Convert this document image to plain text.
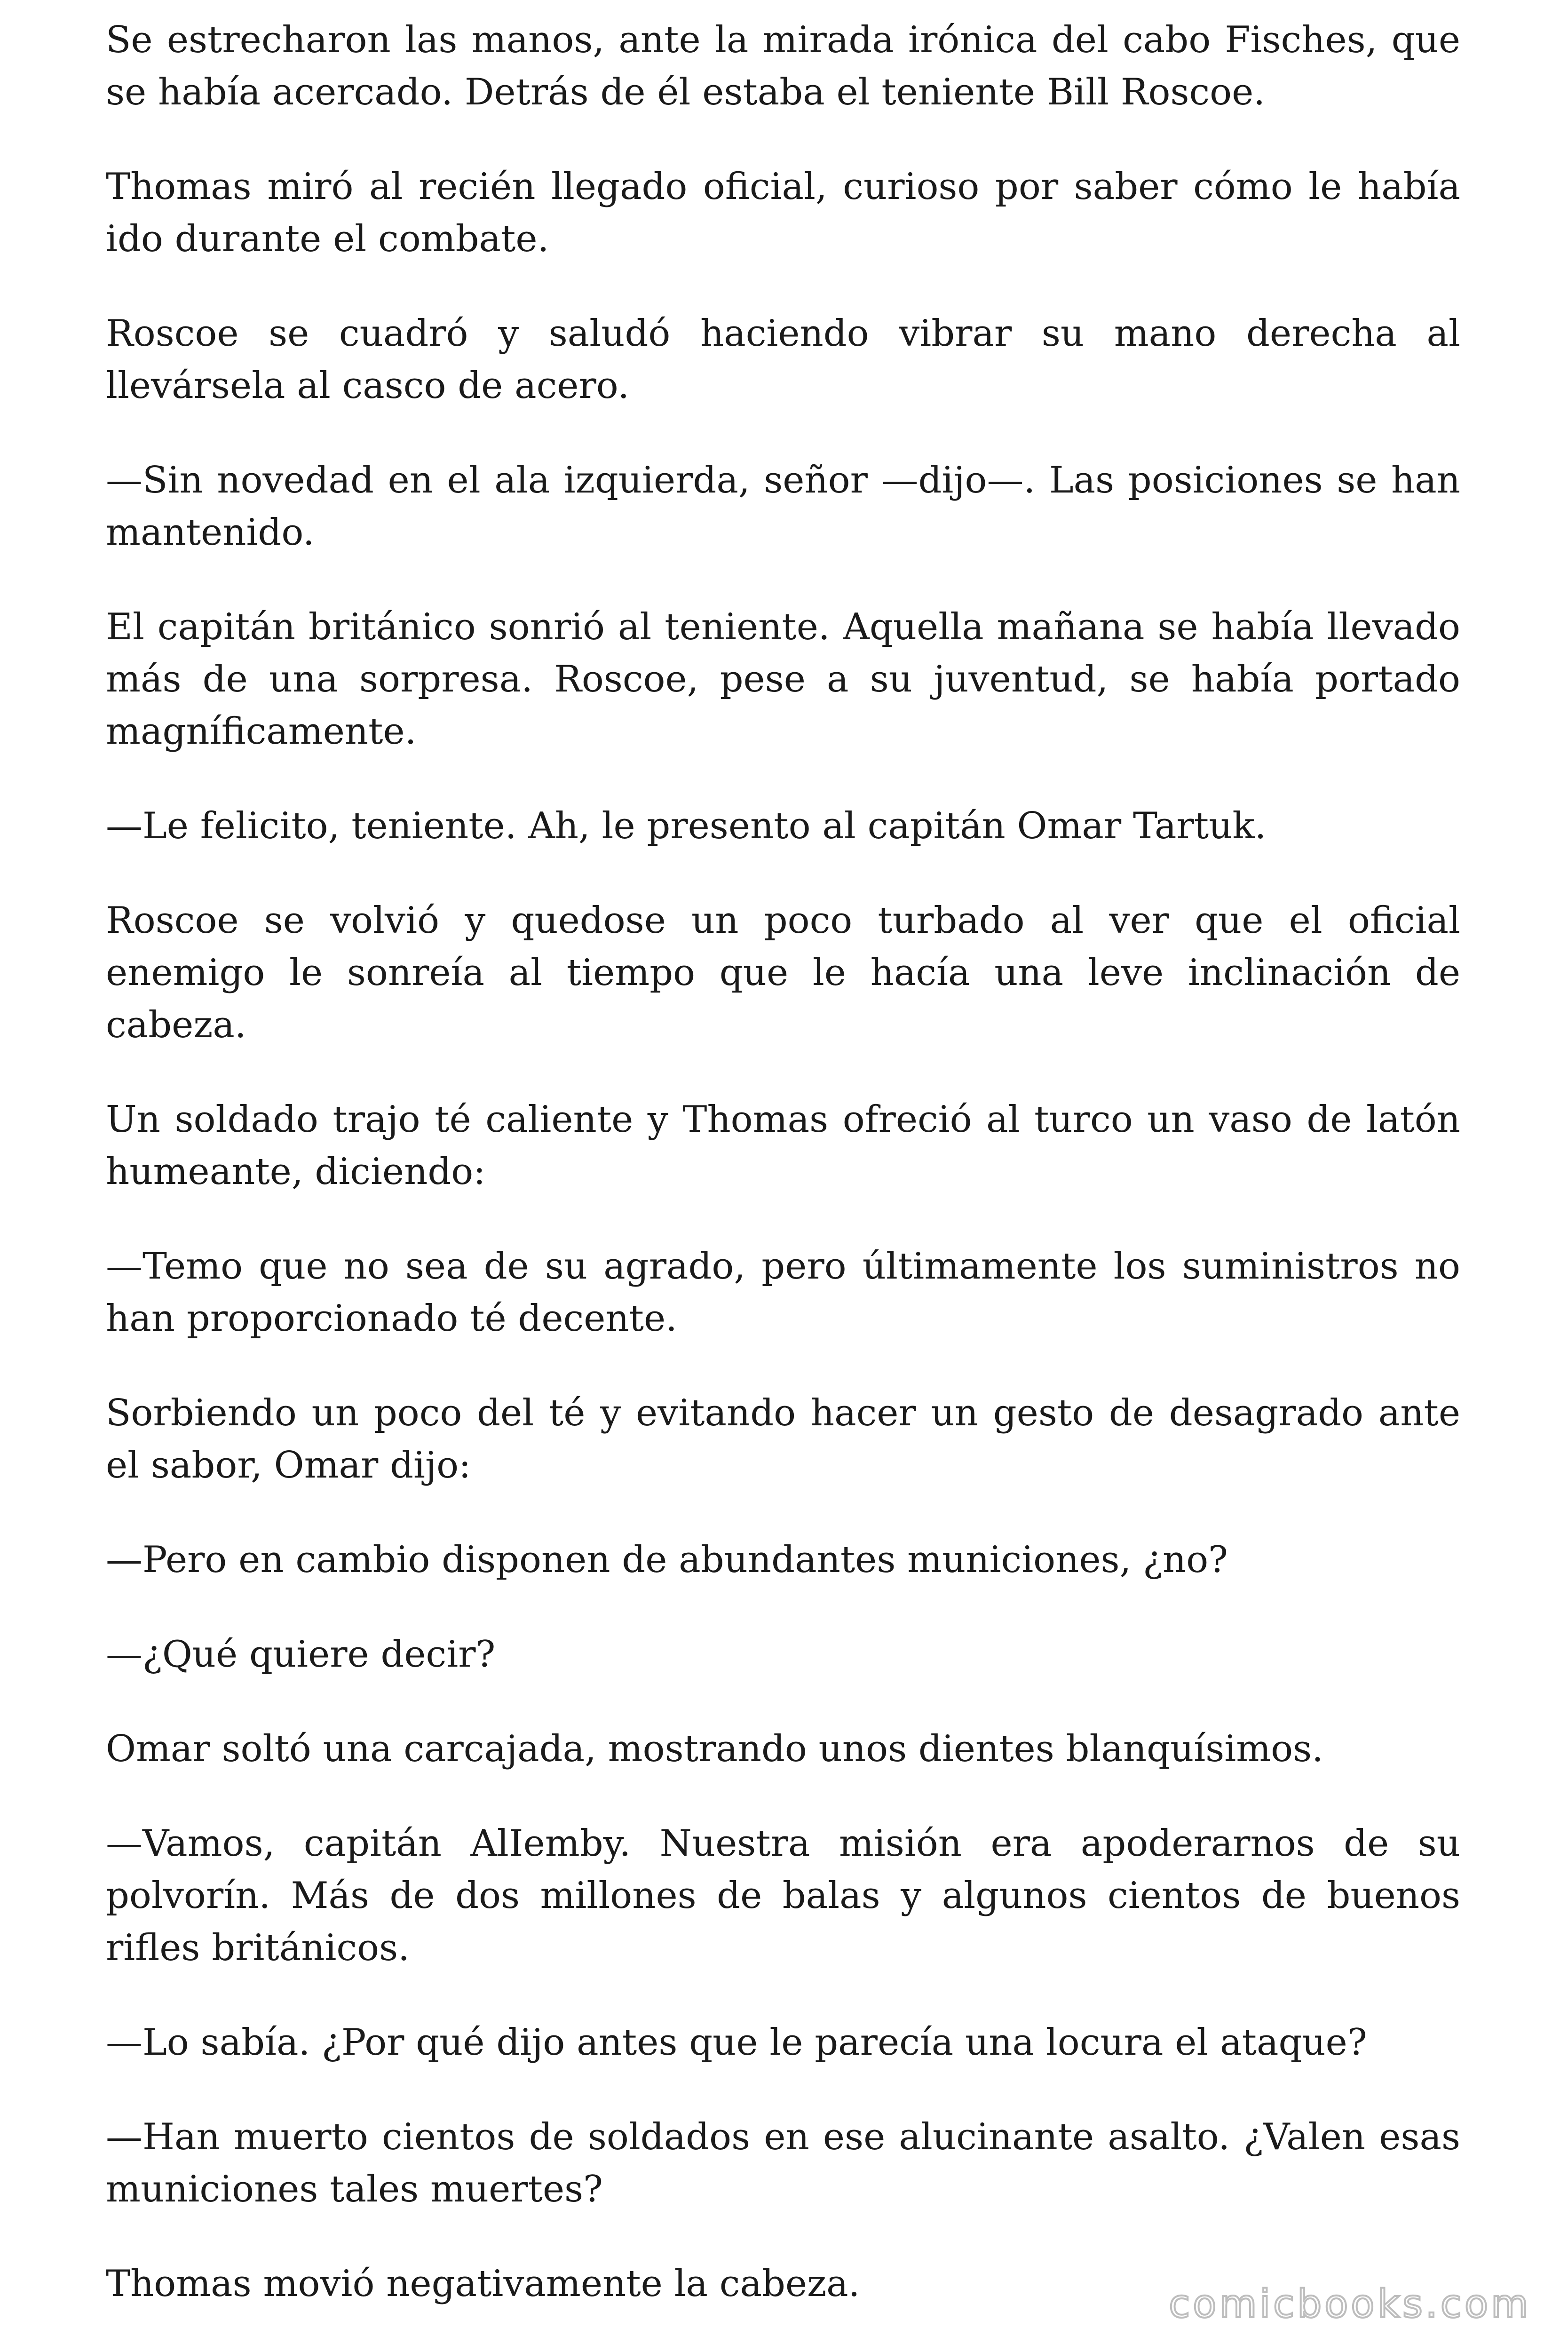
Se estrecharon las manos, ante la mirada irónica del cabo Fisches, que se había acercado. Detrás de él estaba el teniente Bill Roscoe.

Thomas miró al recién llegado oficial, curioso por saber cómo le había ido durante el combate.

Roscoe se cuadró y saludó haciendo vibrar su mano derecha al llevársela al casco de acero.

—Sin novedad en el ala izquierda, señor —dijo—. Las posiciones se han mantenido.

El capitán británico sonrió al teniente. Aquella mañana se había llevado más de una sorpresa. Roscoe, pese a su juventud, se había portado magníficamente.

—Le felicito, teniente. Ah, le presento al capitán Omar Tartuk.

Roscoe se volvió y quedose un poco turbado al ver que el oficial enemigo le sonreía al tiempo que le hacía una leve inclinación de cabeza.

Un soldado trajo té caliente y Thomas ofreció al turco un vaso de latón humeante, diciendo:

—Temo que no sea de su agrado, pero últimamente los suministros no han proporcionado té decente.

Sorbiendo un poco del té y evitando hacer un gesto de desagrado ante el sabor, Omar dijo:

—Pero en cambio disponen de abundantes municiones, ¿no?

—¿Qué quiere decir?

Omar soltó una carcajada, mostrando unos dientes blanquísimos.

—Vamos, capitán AlIemby. Nuestra misión era apoderarnos de su polvorín. Más de dos millones de balas y algunos cientos de buenos rifles británicos.

—Lo sabía. ¿Por qué dijo antes que le parecía una locura el ataque?

—Han muerto cientos de soldados en ese alucinante asalto. ¿Valen esas municiones tales muertes?

Thomas movió negativamente la cabeza.	comicbooks.com
